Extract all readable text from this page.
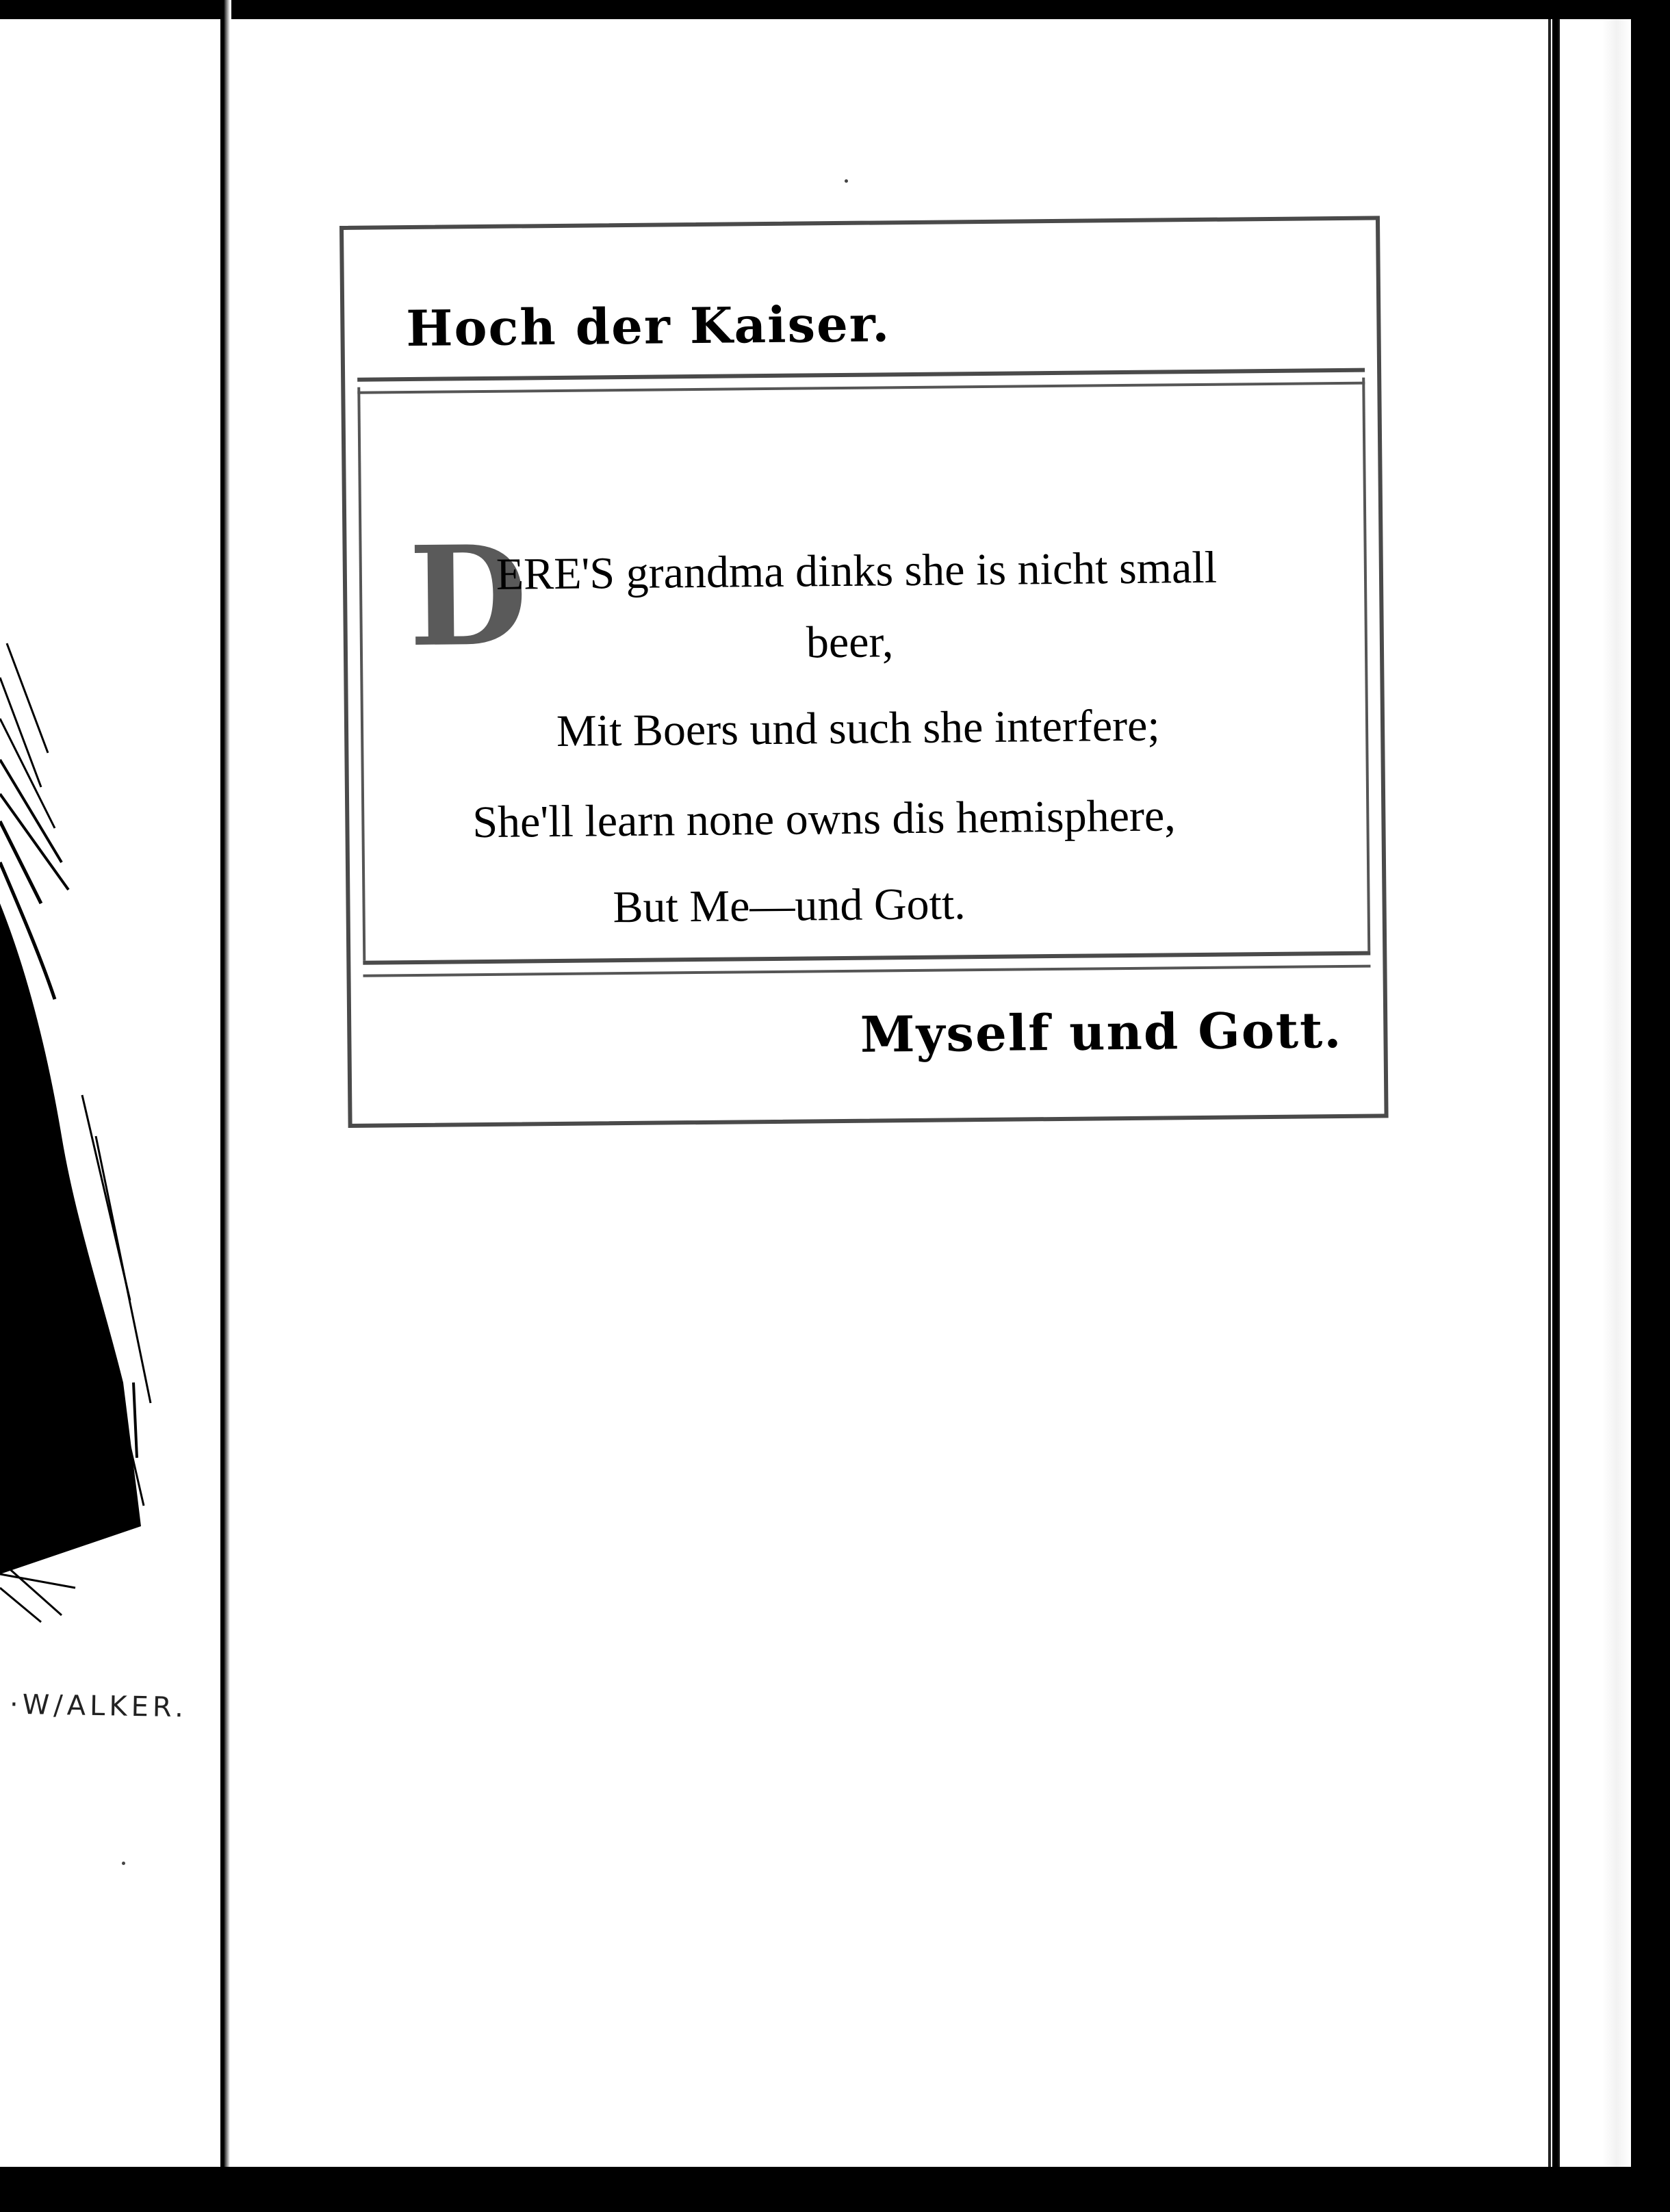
·W/ALKER.
Hoch der Kaiser.
D
ERE'S grandma dinks she is nicht small
beer,
Mit Boers und such she interfere;
She'll learn none owns dis hemisphere,
But Me—und Gott.
Myself und Gott.
